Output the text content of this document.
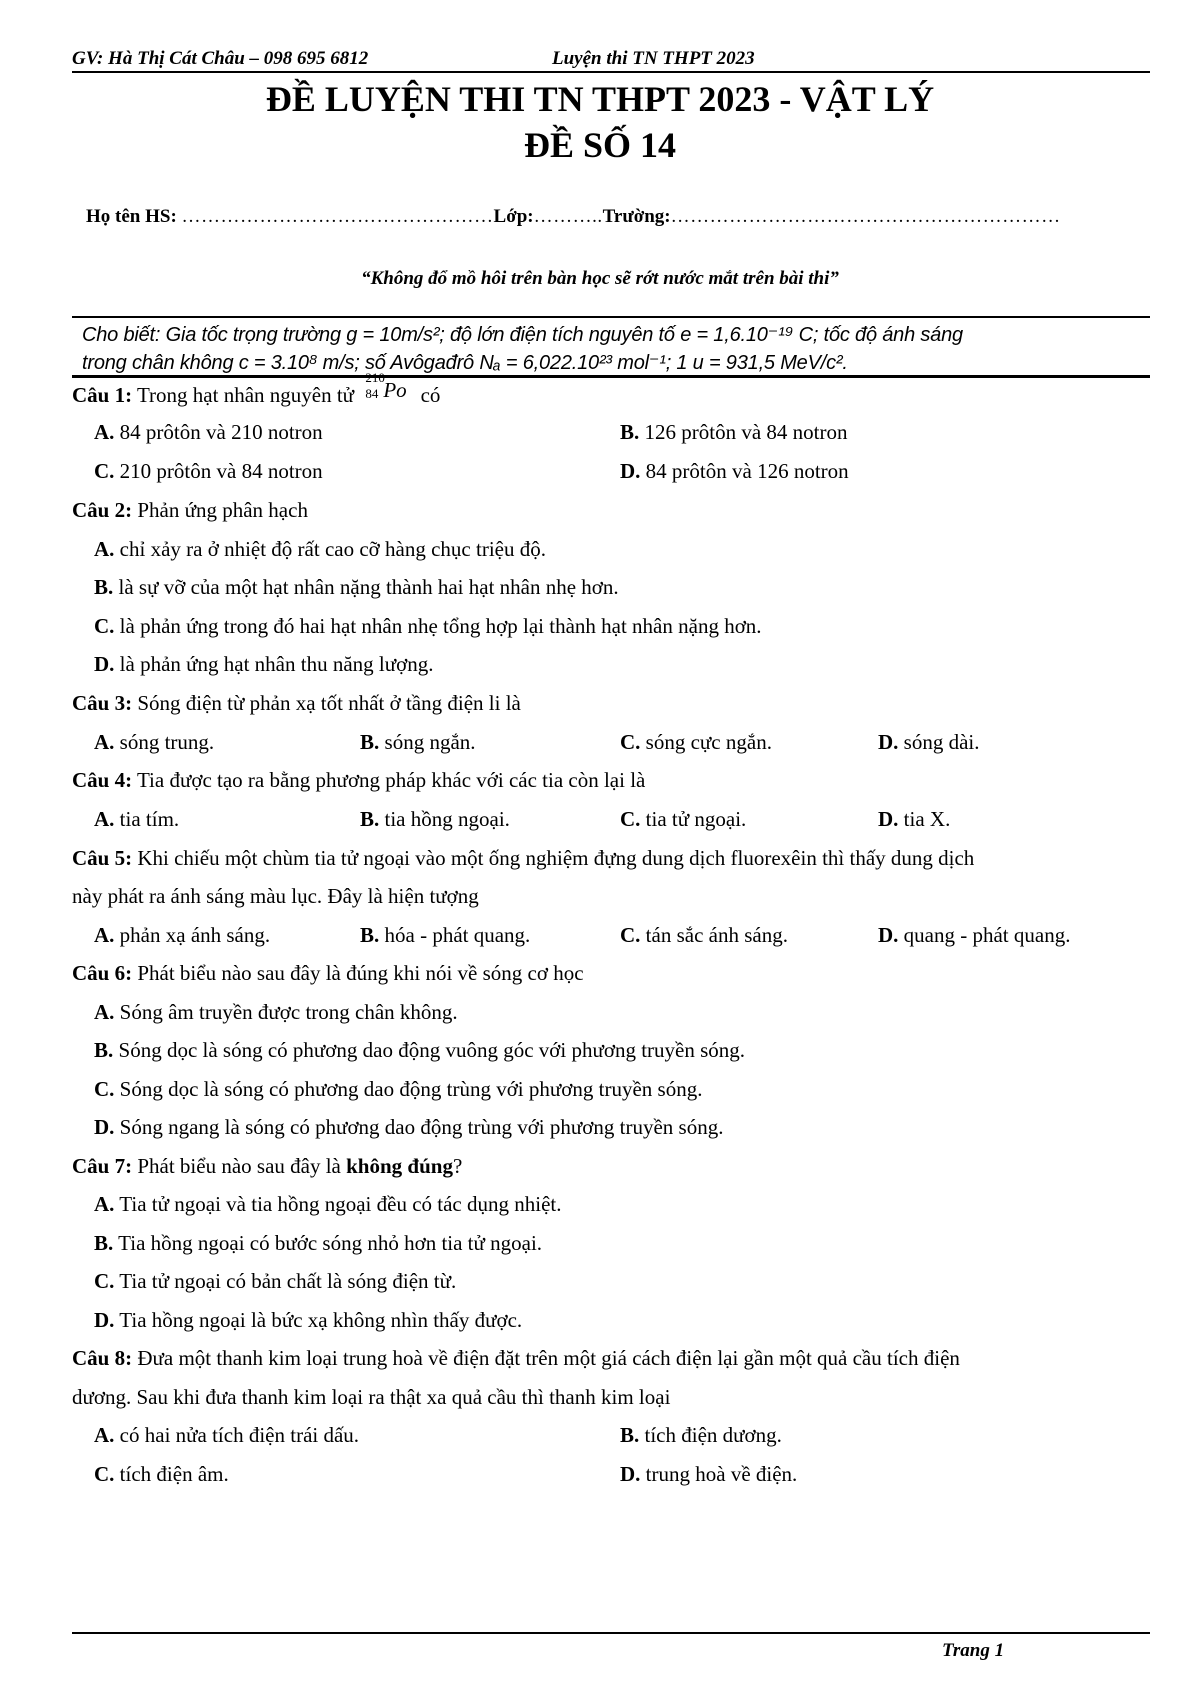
GV: Hà Thị Cát Châu – 098 695 6812	Luyện thi TN THPT 2023
ĐỀ LUYỆN THI TN THPT 2023 - VẬT LÝ
ĐỀ SỐ 14
Họ tên HS: …………………………………………Lớp:………..Trường:……………………………………………………
“Không đổ mồ hôi trên bàn học sẽ rớt nước mắt trên bài thi”

Cho biết: Gia tốc trọng trường g = 10m/s²; độ lớn điện tích nguyên tố e = 1,6.10⁻¹⁹ C; tốc độ ánh sáng

trong chân không c = 3.10⁸ m/s; số Avôgađrô Nₐ = 6,022.10²³ mol⁻¹; 1 u = 931,5 MeV/c².

Câu 1: Trong hạt nhân nguyên tử
210
84 Po có
A. 84 prôtôn và 210 notron	B. 126 prôtôn và 84 notron
C. 210 prôtôn và 84 notron	D. 84 prôtôn và 126 notron
Câu 2: Phản ứng phân hạch
A. chỉ xảy ra ở nhiệt độ rất cao cỡ hàng chục triệu độ.
B. là sự vỡ của một hạt nhân nặng thành hai hạt nhân nhẹ hơn.
C. là phản ứng trong đó hai hạt nhân nhẹ tổng hợp lại thành hạt nhân nặng hơn.
D. là phản ứng hạt nhân thu năng lượng.
Câu 3: Sóng điện từ phản xạ tốt nhất ở tầng điện li là
A. sóng trung.	B. sóng ngắn.	C. sóng cực ngắn.	D. sóng dài.
Câu 4: Tia được tạo ra bằng phương pháp khác với các tia còn lại là
A. tia tím.	B. tia hồng ngoại.	C. tia tử ngoại.	D. tia X.
Câu 5: Khi chiếu một chùm tia tử ngoại vào một ống nghiệm đựng dung dịch fluorexêin thì thấy dung dịch
này phát ra ánh sáng màu lục. Đây là hiện tượng
A. phản xạ ánh sáng.	B. hóa - phát quang.	C. tán sắc ánh sáng.	D. quang - phát quang.
Câu 6: Phát biểu nào sau đây là đúng khi nói về sóng cơ học
A. Sóng âm truyền được trong chân không.
B. Sóng dọc là sóng có phương dao động vuông góc với phương truyền sóng.
C. Sóng dọc là sóng có phương dao động trùng với phương truyền sóng.
D. Sóng ngang là sóng có phương dao động trùng với phương truyền sóng.
Câu 7: Phát biểu nào sau đây là không đúng?
A. Tia tử ngoại và tia hồng ngoại đều có tác dụng nhiệt.
B. Tia hồng ngoại có bước sóng nhỏ hơn tia tử ngoại.
C. Tia tử ngoại có bản chất là sóng điện từ.
D. Tia hồng ngoại là bức xạ không nhìn thấy được.
Câu 8: Đưa một thanh kim loại trung hoà về điện đặt trên một giá cách điện lại gần một quả cầu tích điện
dương. Sau khi đưa thanh kim loại ra thật xa quả cầu thì thanh kim loại
A. có hai nửa tích điện trái dấu.	B. tích điện dương.
C. tích điện âm.	D. trung hoà về điện.
Trang 1
